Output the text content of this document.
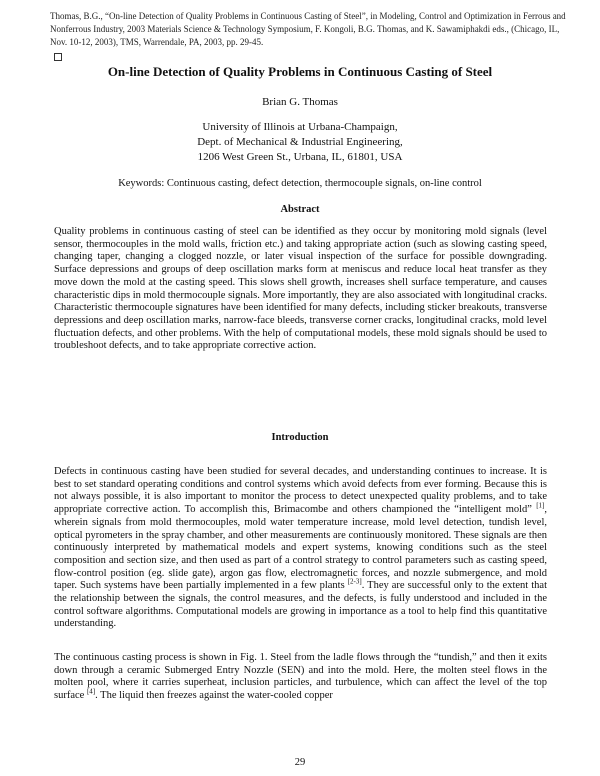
Thomas, B.G., “On-line Detection of Quality Problems in Continuous Casting of Steel”, in Modeling, Control and Optimization in Ferrous and Nonferrous Industry, 2003 Materials Science & Technology Symposium, F. Kongoli, B.G. Thomas, and K. Sawamiphakdi eds., (Chicago, IL, Nov. 10-12, 2003), TMS, Warrendale, PA, 2003, pp. 29-45.
On-line Detection of Quality Problems in Continuous Casting of Steel
Brian G. Thomas
University of Illinois at Urbana-Champaign,
Dept. of Mechanical & Industrial Engineering,
1206 West Green St., Urbana, IL, 61801, USA
Keywords: Continuous casting, defect detection, thermocouple signals, on-line control
Abstract
Quality problems in continuous casting of steel can be identified as they occur by monitoring mold signals (level sensor, thermocouples in the mold walls, friction etc.) and taking appropriate action (such as slowing casting speed, changing taper, changing a clogged nozzle, or later visual inspection of the surface for possible downgrading. Surface depressions and groups of deep oscillation marks form at meniscus and reduce local heat transfer as they move down the mold at the casting speed. This slows shell growth, increases shell surface temperature, and causes characteristic dips in mold thermocouple signals. More importantly, they are also associated with longitudinal cracks. Characteristic thermocouple signatures have been identified for many defects, including sticker breakouts, transverse depressions and deep oscillation marks, narrow-face bleeds, transverse corner cracks, longitudinal cracks, mold level fluctuation defects, and other problems. With the help of computational models, these mold signals should be used to troubleshoot defects, and to take appropriate corrective action.
Introduction
Defects in continuous casting have been studied for several decades, and understanding continues to increase. It is best to set standard operating conditions and control systems which avoid defects from ever forming. Because this is not always possible, it is also important to monitor the process to detect unexpected quality problems, and to take appropriate corrective action. To accomplish this, Brimacombe and others championed the “intelligent mold” [1], wherein signals from mold thermocouples, mold water temperature increase, mold level detection, tundish level, optical pyrometers in the spray chamber, and other measurements are continuously monitored. These signals are then continuously interpreted by mathematical models and expert systems, knowing conditions such as the steel composition and section size, and then used as part of a control strategy to control parameters such as casting speed, flow-control position (eg. slide gate), argon gas flow, electromagnetic forces, and nozzle submergence, and mold taper. Such systems have been partially implemented in a few plants [2-3]. They are successful only to the extent that the relationship between the signals, the control measures, and the defects, is fully understood and included in the control software algorithms. Computational models are growing in importance as a tool to help find this quantitative understanding.
The continuous casting process is shown in Fig. 1. Steel from the ladle flows through the “tundish,” and then it exits down through a ceramic Submerged Entry Nozzle (SEN) and into the mold. Here, the molten steel flows in the molten pool, where it carries superheat, inclusion particles, and turbulence, which can affect the level of the top surface [4]. The liquid then freezes against the water-cooled copper
29
